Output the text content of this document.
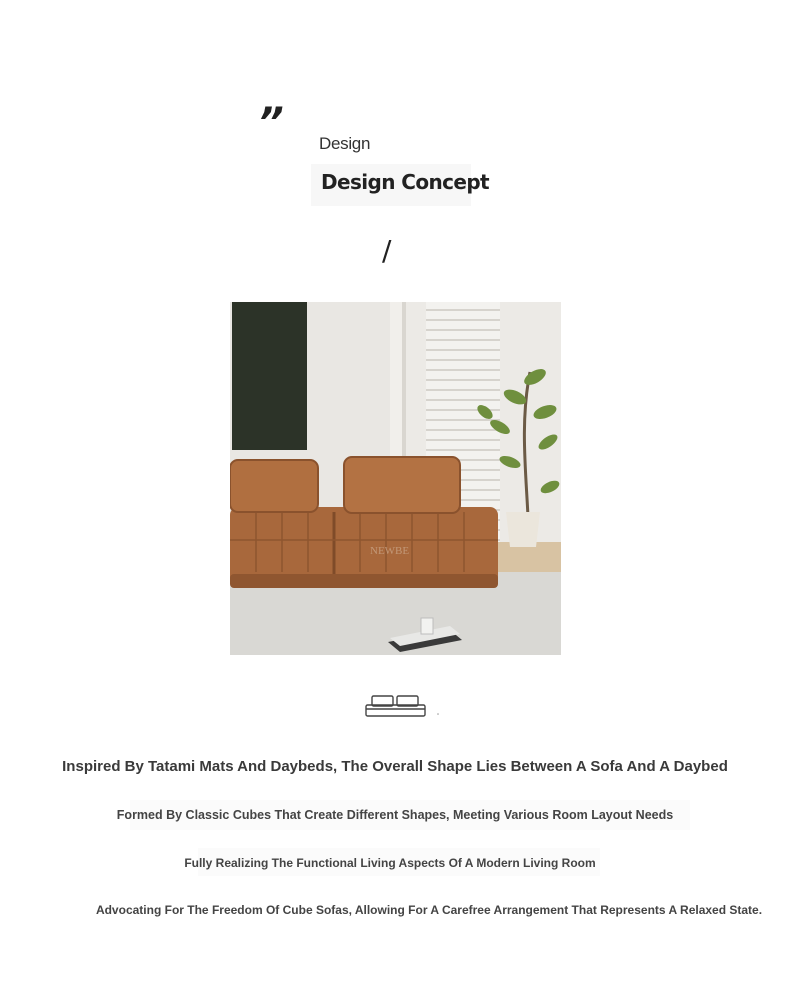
” Design
Design Concept
/
NEWBE
Inspired By Tatami Mats And Daybeds, The Overall Shape Lies Between A Sofa And A Daybed
Formed By Classic Cubes That Create Different Shapes, Meeting Various Room Layout Needs
Fully Realizing The Functional Living Aspects Of A Modern Living Room
Advocating For The Freedom Of Cube Sofas, Allowing For A Carefree Arrangement That Represents A Relaxed State.
